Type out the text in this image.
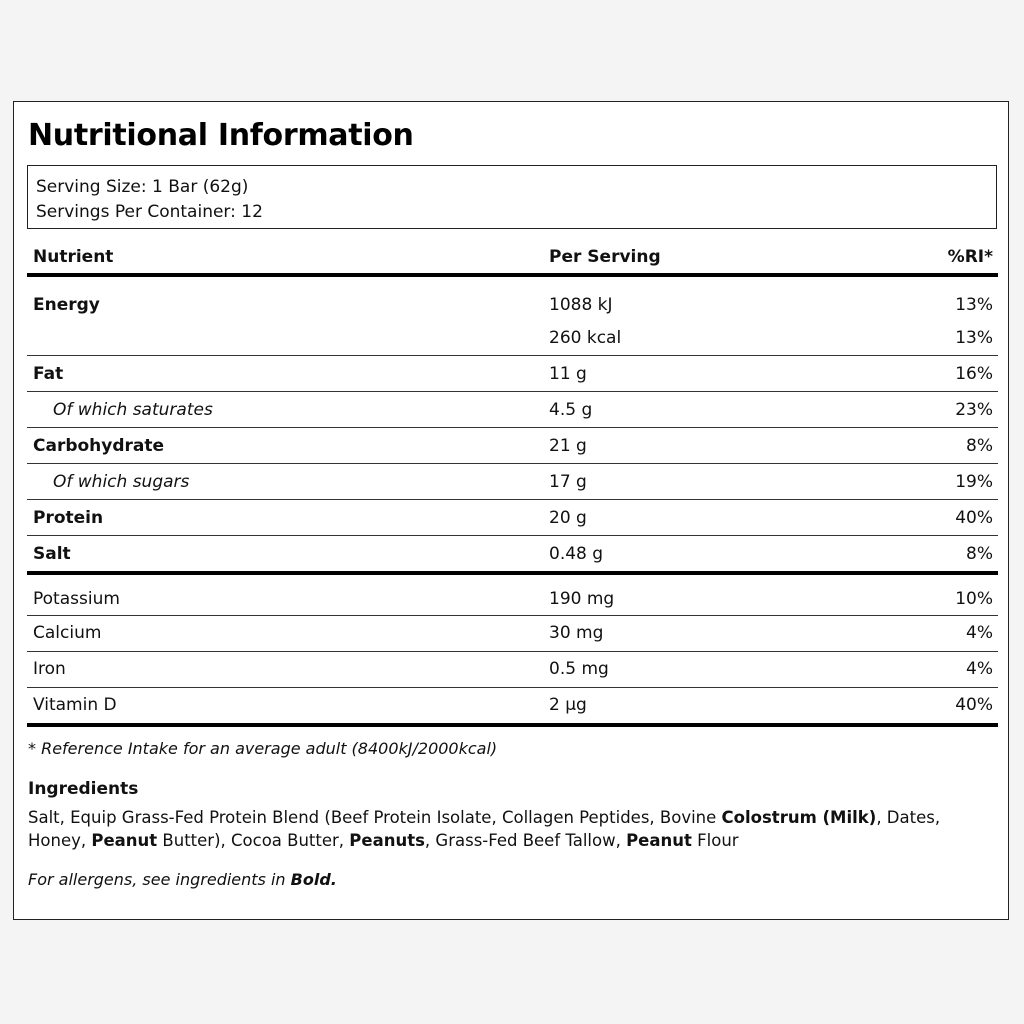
Nutritional Information
Serving Size: 1 Bar (62g)
Servings Per Container: 12
Nutrient	Per Serving	%RI*
Energy	1088 kJ	13%
	260 kcal	13%
Fat	11 g	16%
Of which saturates	4.5 g	23%
Carbohydrate	21 g	8%
Of which sugars	17 g	19%
Protein	20 g	40%
Salt	0.48 g	8%
Potassium	190 mg	10%
Calcium	30 mg	4%
Iron	0.5 mg	4%
Vitamin D	2 µg	40%
* Reference Intake for an average adult (8400kJ/2000kcal)
Ingredients
Salt, Equip Grass-Fed Protein Blend (Beef Protein Isolate, Collagen Peptides, Bovine Colostrum (Milk), Dates, Honey, Peanut Butter), Cocoa Butter, Peanuts, Grass-Fed Beef Tallow, Peanut Flour
For allergens, see ingredients in Bold.
